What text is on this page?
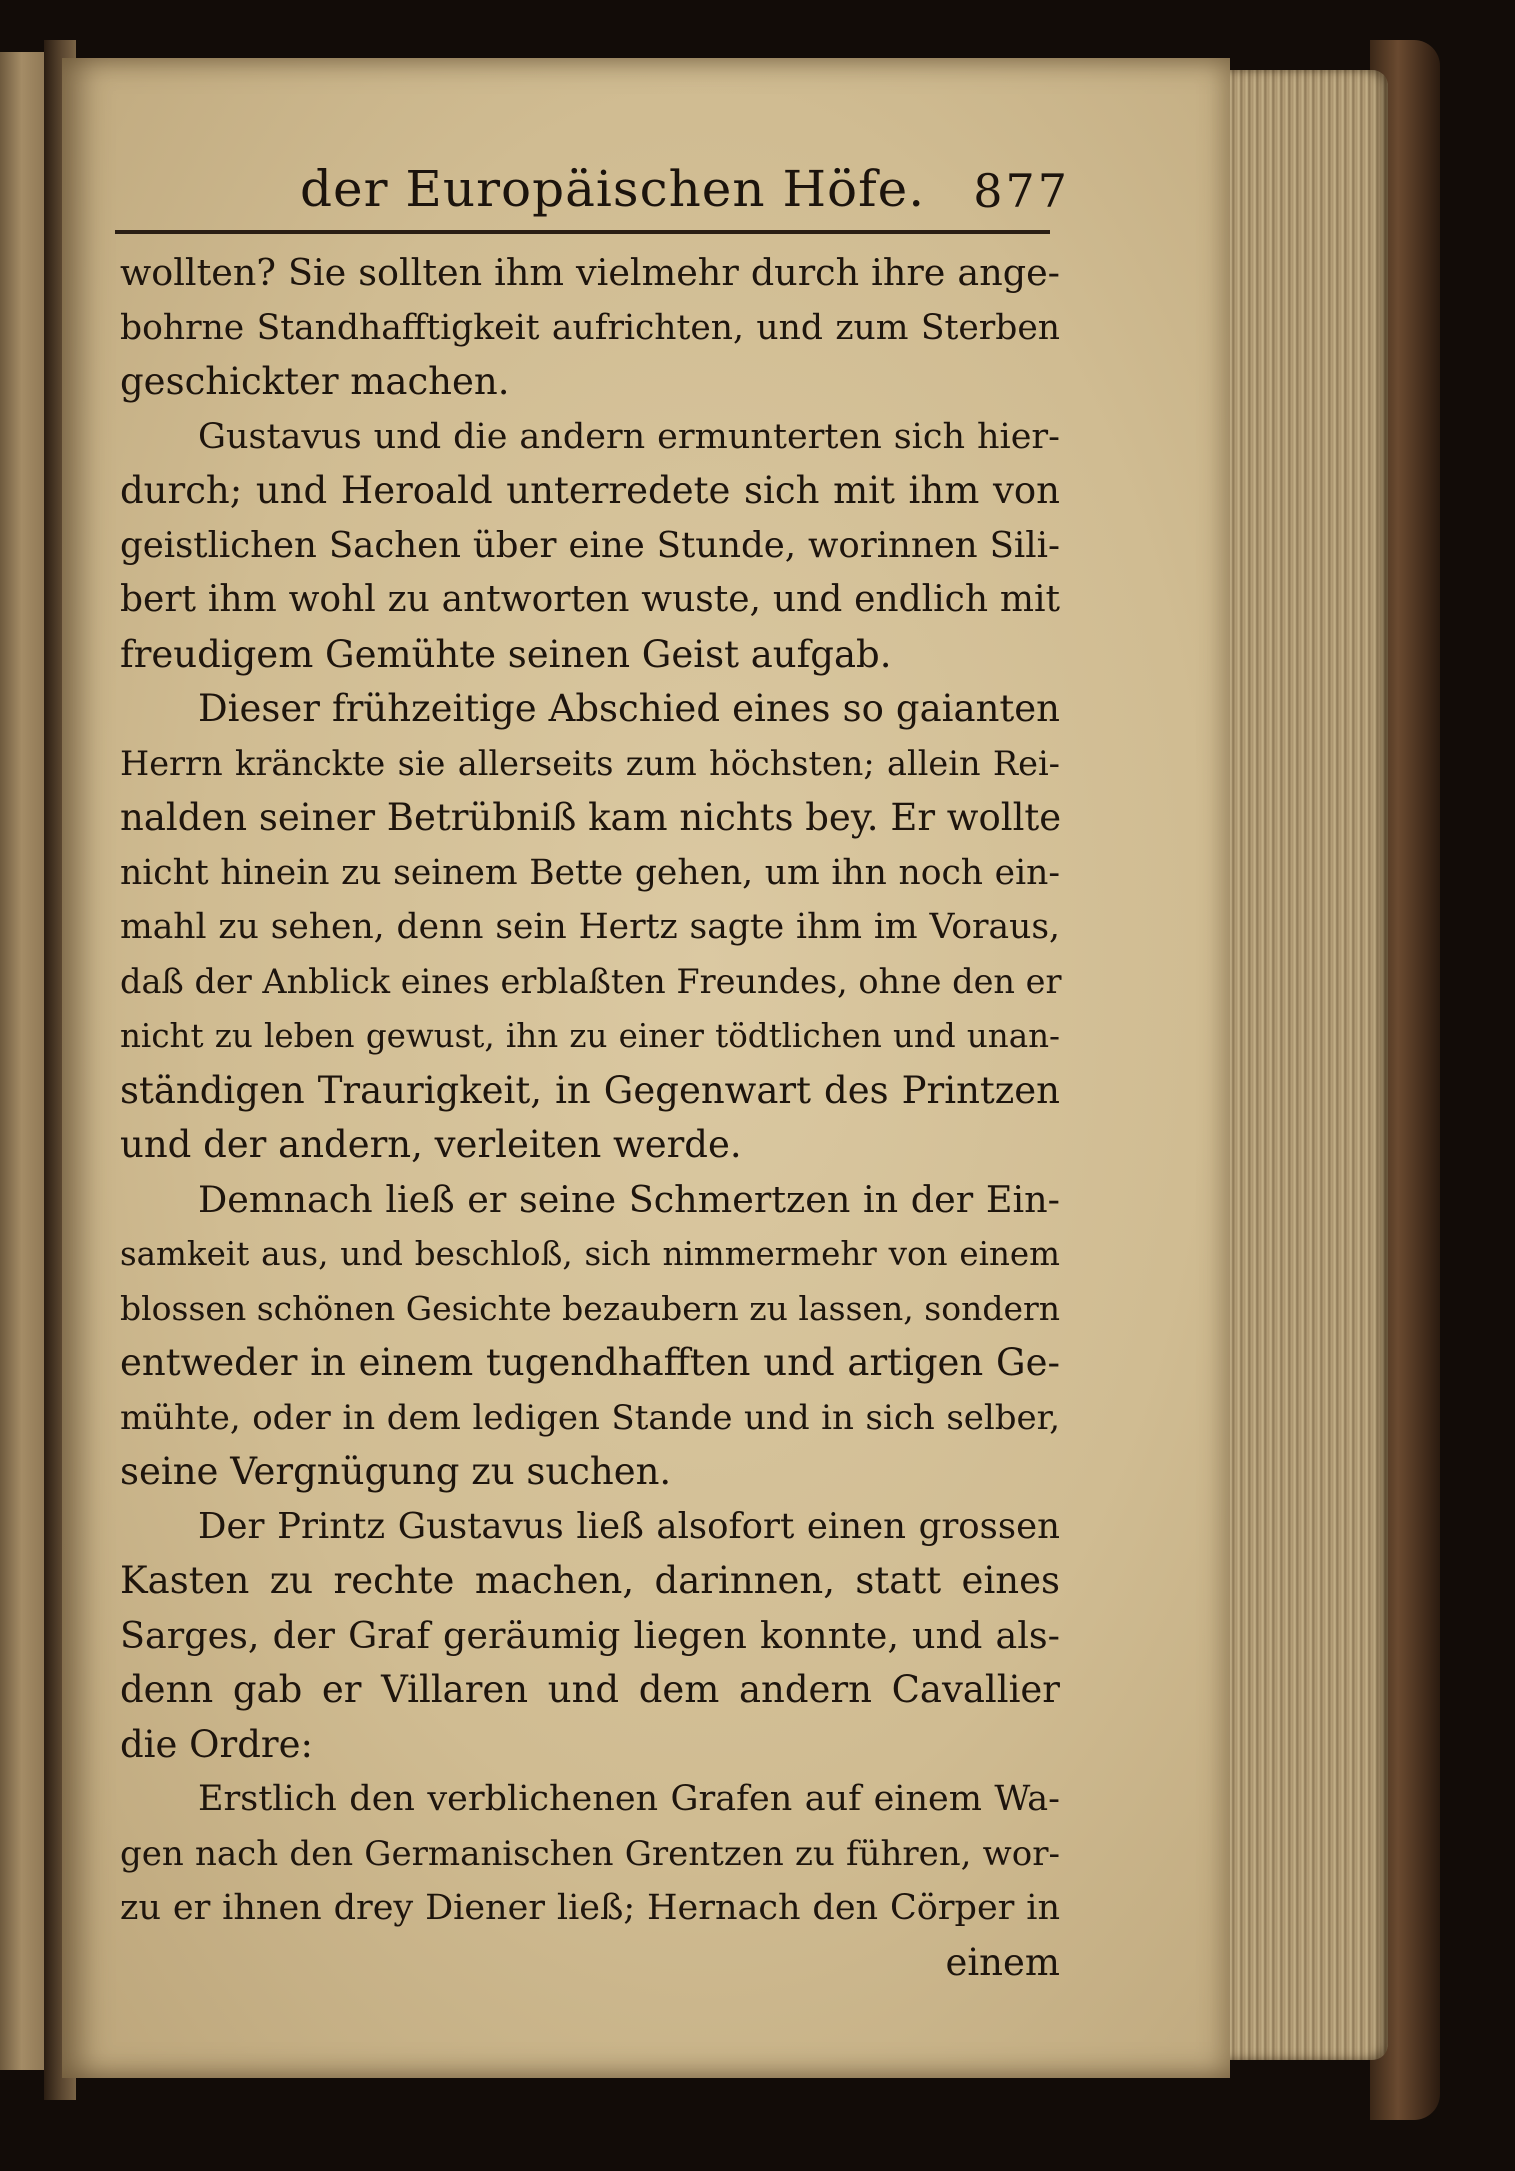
der Europäischen Höfe. 877
wollten? Sie sollten ihm vielmehr durch ihre ange-
bohrne Standhafftigkeit aufrichten, und zum Sterben
geschickter machen.
Gustavus und die andern ermunterten sich hier-
durch; und Heroald unterredete sich mit ihm von
geistlichen Sachen über eine Stunde, worinnen Sili-
bert ihm wohl zu antworten wuste, und endlich mit
freudigem Gemühte seinen Geist aufgab.
Dieser frühzeitige Abschied eines so gaianten
Herrn kränckte sie allerseits zum höchsten; allein Rei-
nalden seiner Betrübniß kam nichts bey. Er wollte
nicht hinein zu seinem Bette gehen, um ihn noch ein-
mahl zu sehen, denn sein Hertz sagte ihm im Voraus,
daß der Anblick eines erblaßten Freundes, ohne den er
nicht zu leben gewust, ihn zu einer tödtlichen und unan-
ständigen Traurigkeit, in Gegenwart des Printzen
und der andern, verleiten werde.
Demnach ließ er seine Schmertzen in der Ein-
samkeit aus, und beschloß, sich nimmermehr von einem
blossen schönen Gesichte bezaubern zu lassen, sondern
entweder in einem tugendhafften und artigen Ge-
mühte, oder in dem ledigen Stande und in sich selber,
seine Vergnügung zu suchen.
Der Printz Gustavus ließ alsofort einen grossen
Kasten zu rechte machen, darinnen, statt eines
Sarges, der Graf geräumig liegen konnte, und als-
denn gab er Villaren und dem andern Cavallier
die Ordre:
Erstlich den verblichenen Grafen auf einem Wa-
gen nach den Germanischen Grentzen zu führen, wor-
zu er ihnen drey Diener ließ; Hernach den Cörper in
einem
